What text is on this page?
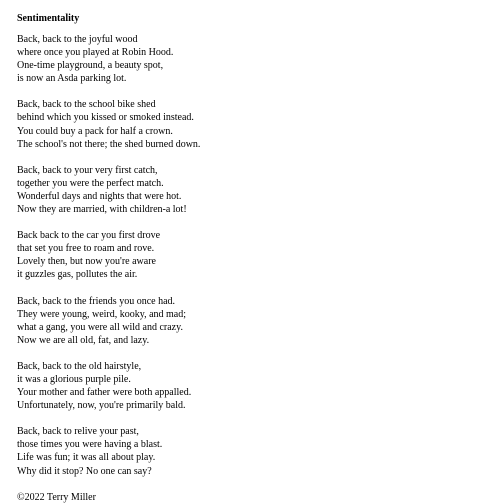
Sentimentality
Back, back to the joyful wood
where once you played at Robin Hood.
One-time playground, a beauty spot,
is now an Asda parking lot.
Back, back to the school bike shed
behind which you kissed or smoked instead.
You could buy a pack for half a crown.
The school's not there; the shed burned down.
Back, back to your very first catch,
together you were the perfect match.
Wonderful days and nights that were hot.
Now they are married, with children-a lot!
Back back to the car you first drove
that set you free to roam and rove.
Lovely then, but now you're aware
it guzzles gas, pollutes the air.
Back, back to the friends you once had.
They were young, weird, kooky, and mad;
what a gang, you were all wild and crazy.
Now we are all old, fat, and lazy.
Back, back to the old hairstyle,
it was a glorious purple pile.
Your mother and father were both appalled.
Unfortunately, now, you're primarily bald.
Back, back to relive your past,
those times you were having a blast.
Life was fun; it was all about play.
Why did it stop? No one can say?
©2022 Terry Miller
